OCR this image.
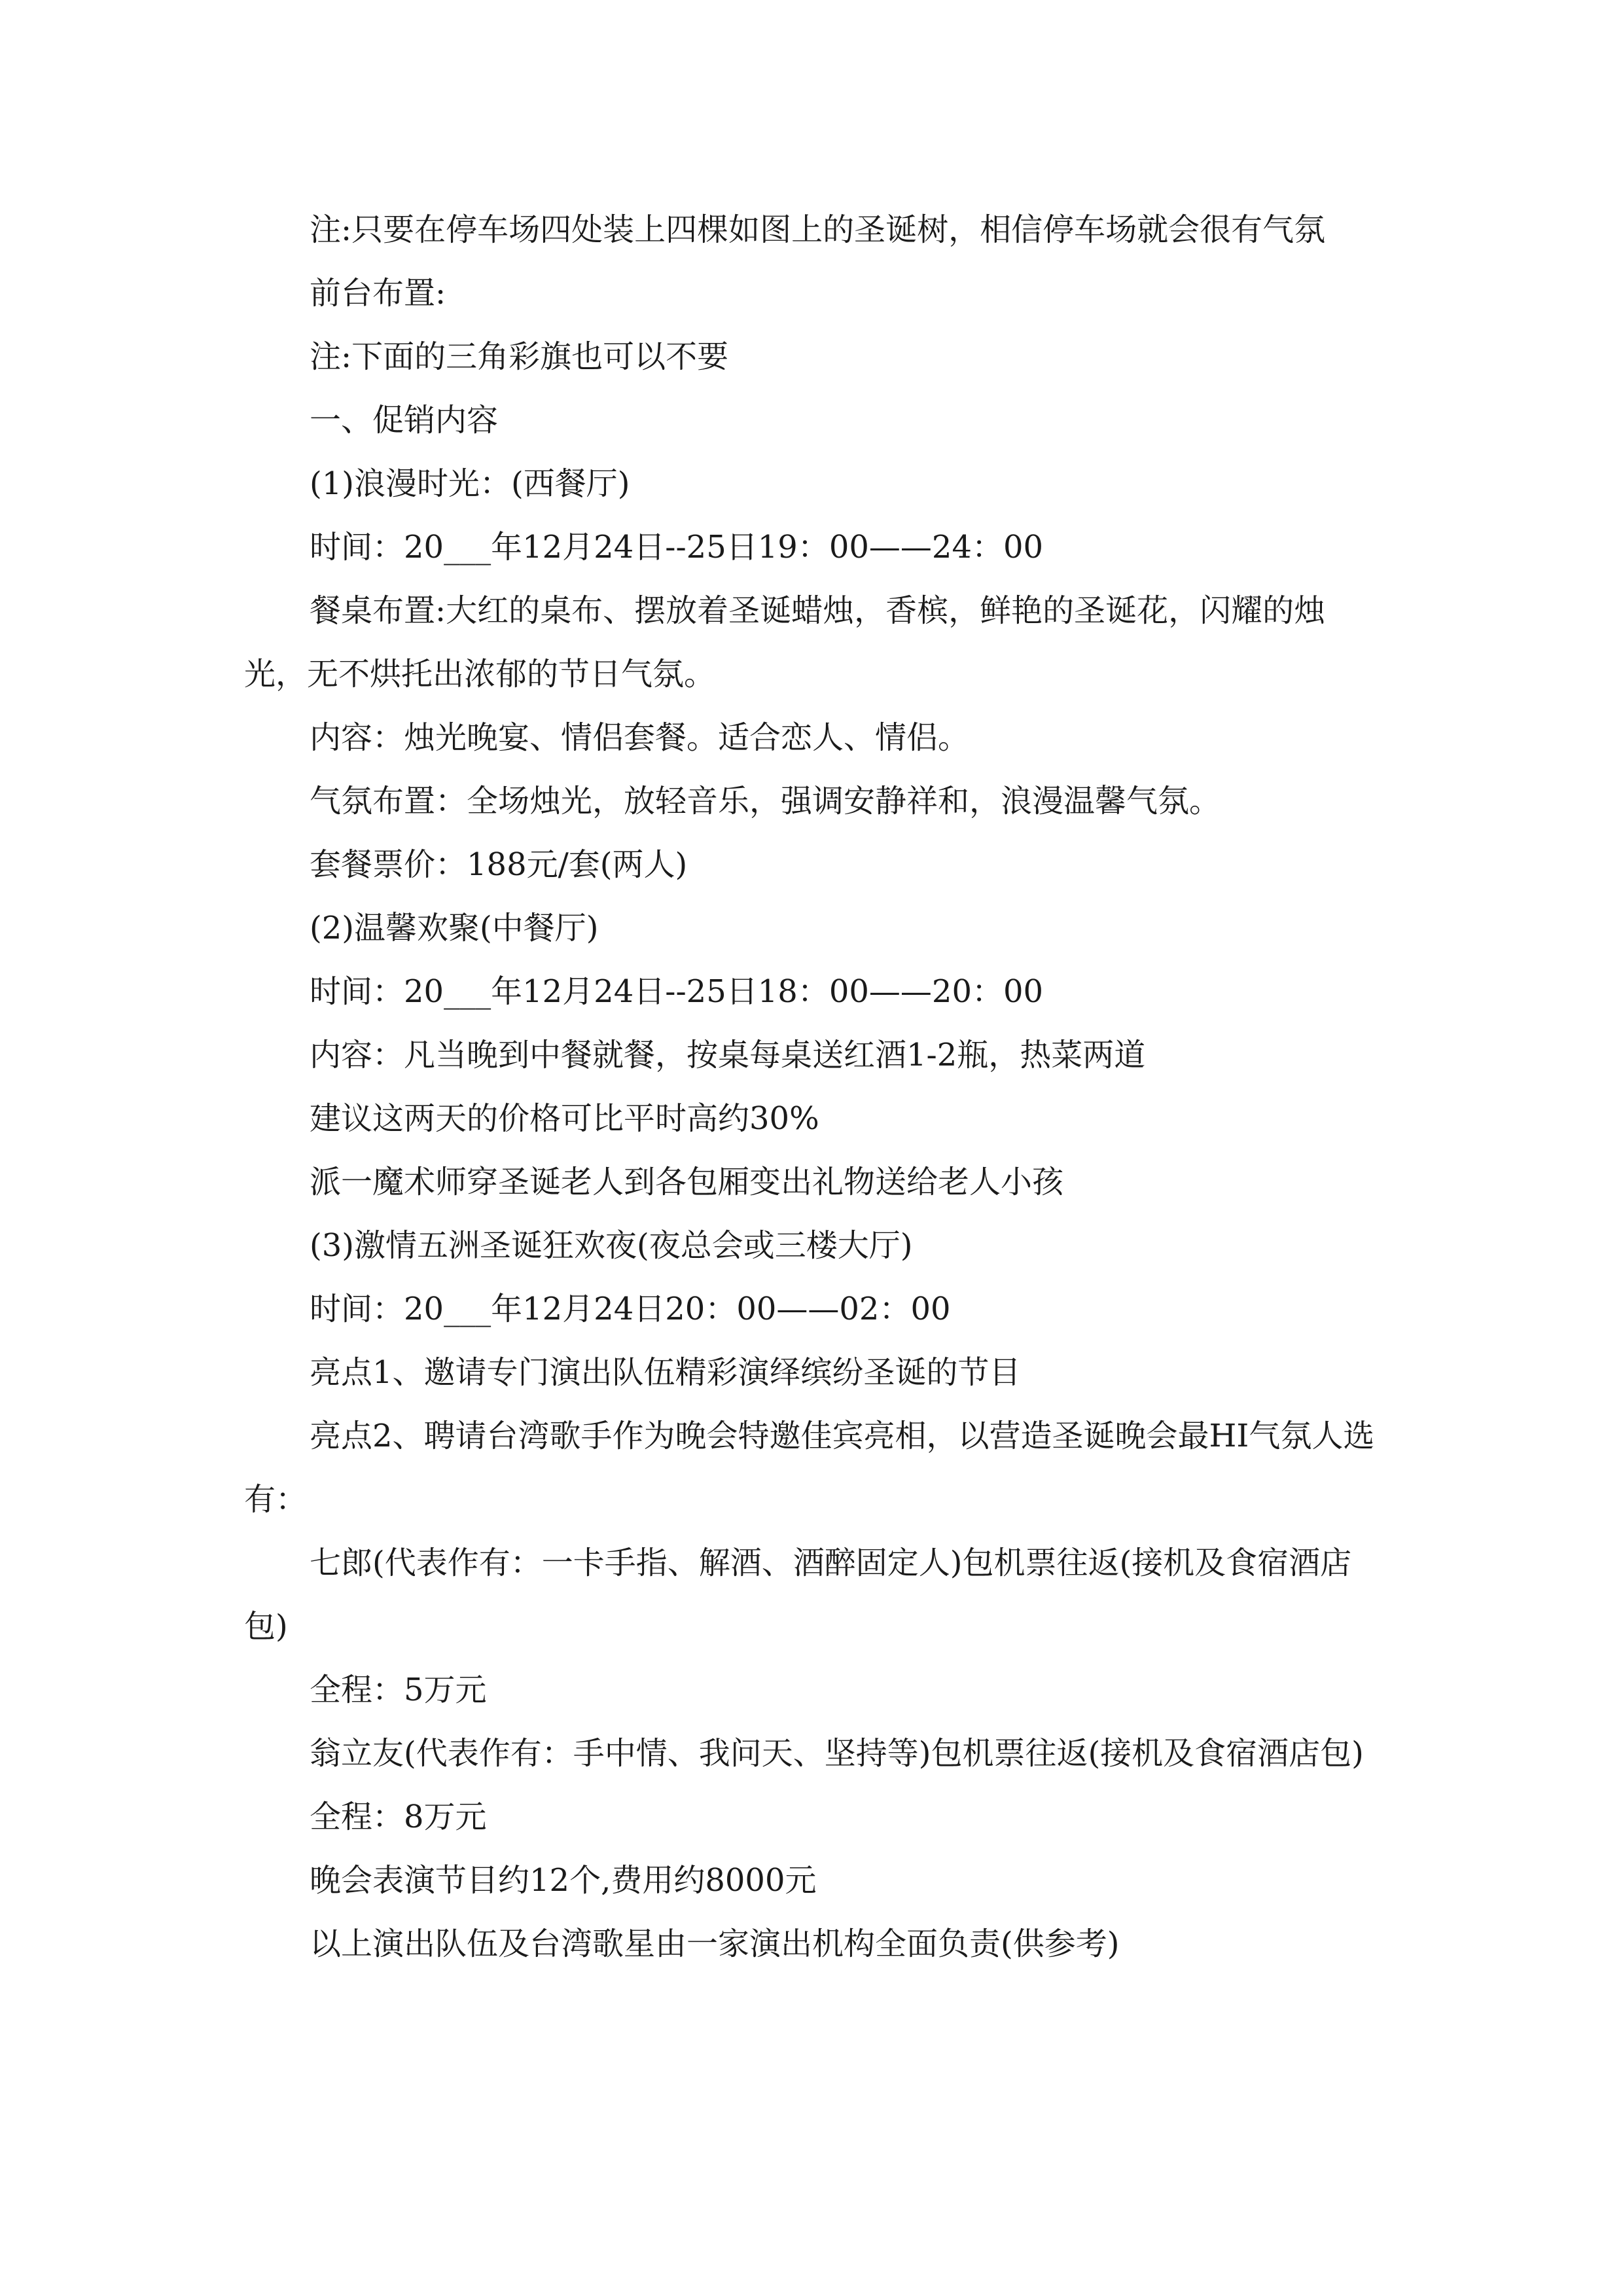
注:只要在停车场四处装上四棵如图上的圣诞树，相信停车场就会很有气氛

前台布置:

注:下面的三角彩旗也可以不要

一、促销内容

(1)浪漫时光：(西餐厅)

时间：20___年12月24日--25日19：00——24：00

餐桌布置:大红的桌布、摆放着圣诞蜡烛，香槟，鲜艳的圣诞花，闪耀的烛光，无不烘托出浓郁的节日气氛。

内容：烛光晚宴、情侣套餐。适合恋人、情侣。

气氛布置：全场烛光，放轻音乐，强调安静祥和，浪漫温馨气氛。

套餐票价：188元/套(两人)

(2)温馨欢聚(中餐厅)

时间：20___年12月24日--25日18：00——20：00

内容：凡当晚到中餐就餐，按桌每桌送红酒1-2瓶，热菜两道

建议这两天的价格可比平时高约30%

派一魔术师穿圣诞老人到各包厢变出礼物送给老人小孩

(3)激情五洲圣诞狂欢夜(夜总会或三楼大厅)

时间：20___年12月24日20：00——02：00

亮点1、邀请专门演出队伍精彩演绎缤纷圣诞的节目

亮点2、聘请台湾歌手作为晚会特邀佳宾亮相，以营造圣诞晚会最HI气氛人选有：

七郎(代表作有：一卡手指、解酒、酒醉固定人)包机票往返(接机及食宿酒店包)

全程：5万元

翁立友(代表作有：手中情、我问天、坚持等)包机票往返(接机及食宿酒店包)

全程：8万元

晚会表演节目约12个,费用约8000元

以上演出队伍及台湾歌星由一家演出机构全面负责(供参考)
